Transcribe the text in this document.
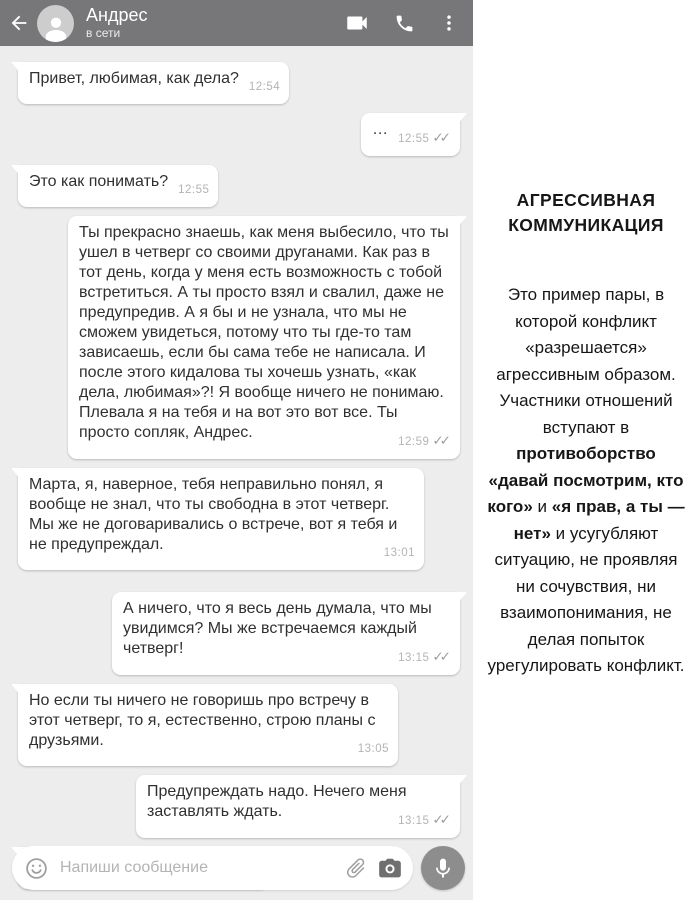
Андрес
в сети
Привет, любимая, как дела? 12:54
…
12:55 ✓✓
Это как понимать? 12:55
Ты прекрасно знаешь, как меня выбесило, что ты ушел в четверг со своими друганами. Как раз в тот день, когда у меня есть возможность с тобой встретиться. А ты просто взял и свалил, даже не предупредив. А я бы и не узнала, что мы не сможем увидеться, потому что ты где-то там зависаешь, если бы сама тебе не написала. И после этого кидалова ты хочешь узнать, «как дела, любимая»?! Я вообще ничего не понимаю. Плевала я на тебя и на вот это вот все. Ты просто сопляк, Андрес.
12:59 ✓✓
Марта, я, наверное, тебя неправильно понял, я вообще не знал, что ты свободна в этот четверг. Мы же не договаривались о встрече, вот я тебя и не предупреждал.	13:01
А ничего, что я весь день думала, что мы увидимся? Мы же встречаемся каждый четверг!
13:15 ✓✓
Но если ты ничего не говоришь про встречу в этот четверг, то я, естественно, строю планы с друзьями.	13:05
Предупреждать надо. Нечего меня заставлять ждать.
13:15 ✓✓
Напиши сообщение
АГРЕССИВНАЯ КОММУНИКАЦИЯ

Это пример пары, в которой конфликт «разрешается» агрессивным образом. Участники отношений вступают в противоборство «давай посмотрим, кто кого» и «я прав, а ты — нет» и усугубляют ситуацию, не проявляя ни сочувствия, ни взаимопонимания, не делая попыток урегулировать конфликт.
